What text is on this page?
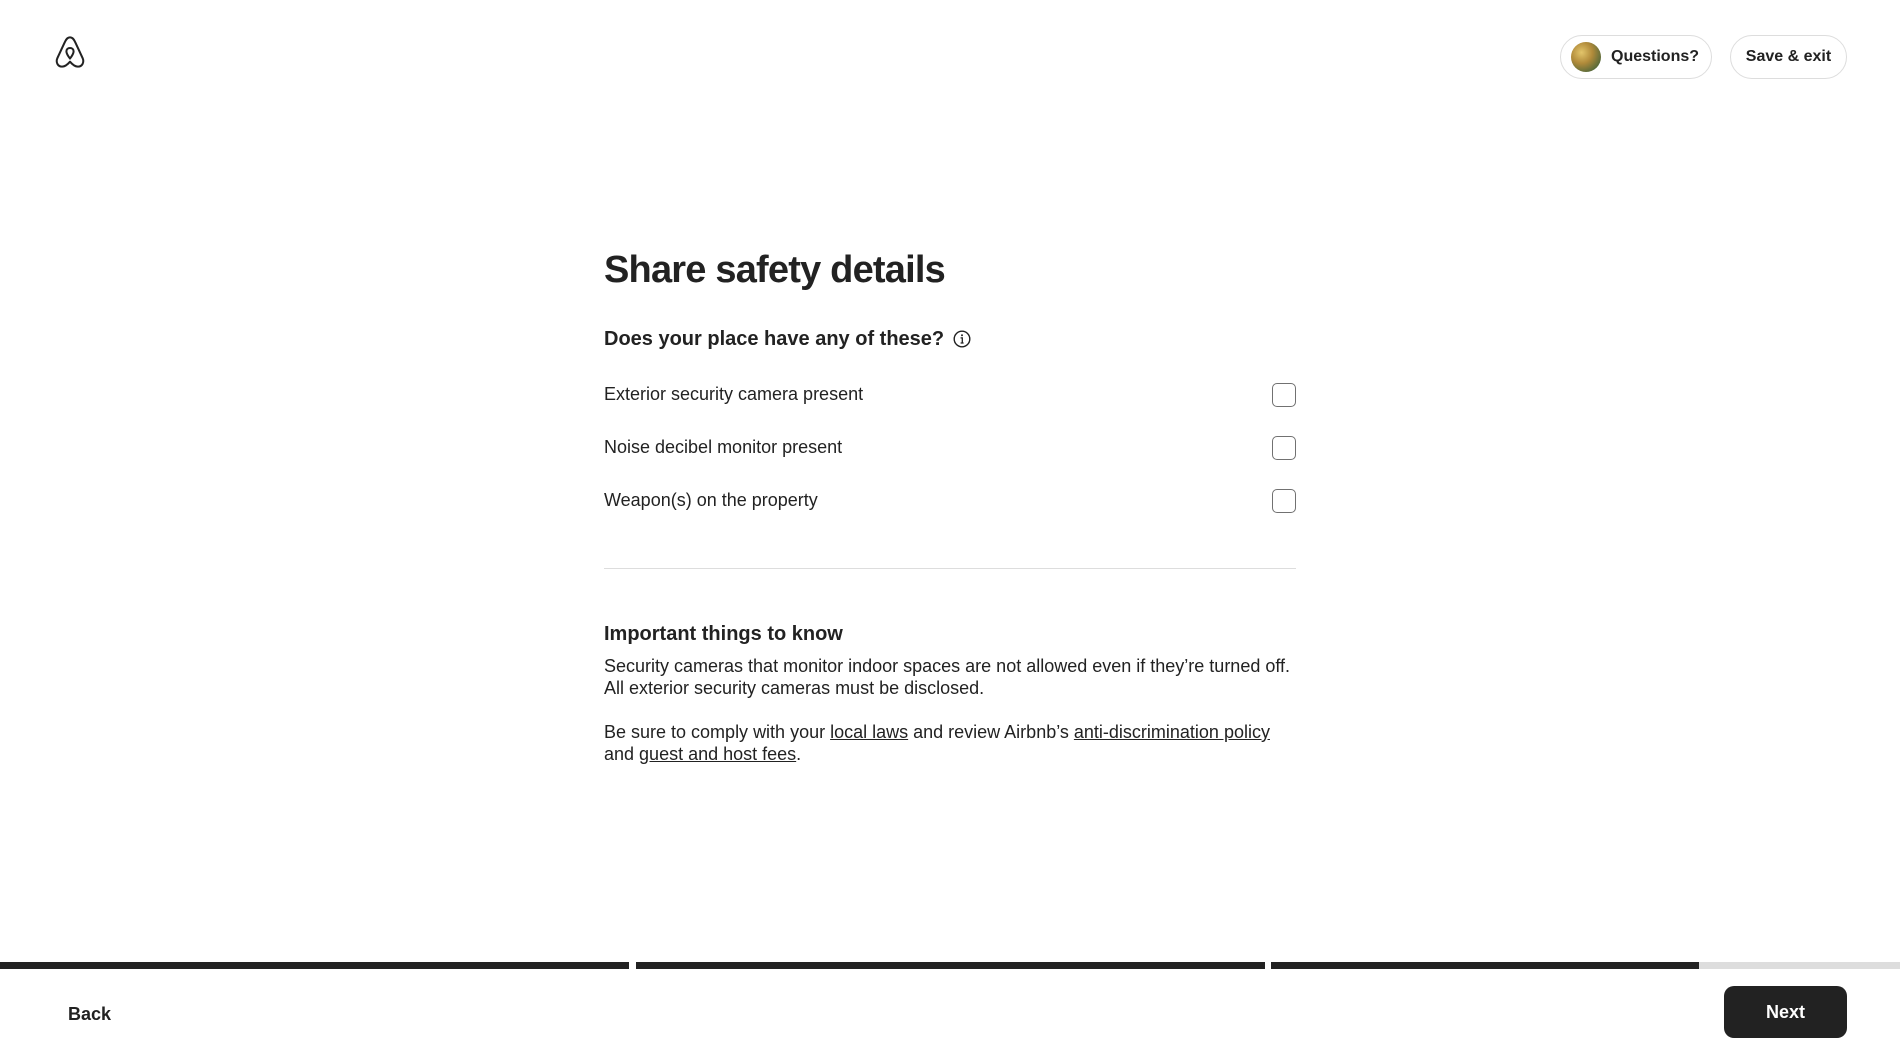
Questions?	Save & exit
Share safety details
Does your place have any of these?
Exterior security camera present
Noise decibel monitor present
Weapon(s) on the property
Important things to know
Security cameras that monitor indoor spaces are not allowed even if they’re turned off. All exterior security cameras must be disclosed.
Be sure to comply with your local laws and review Airbnb’s anti-discrimination policy and guest and host fees.
Back	Next
